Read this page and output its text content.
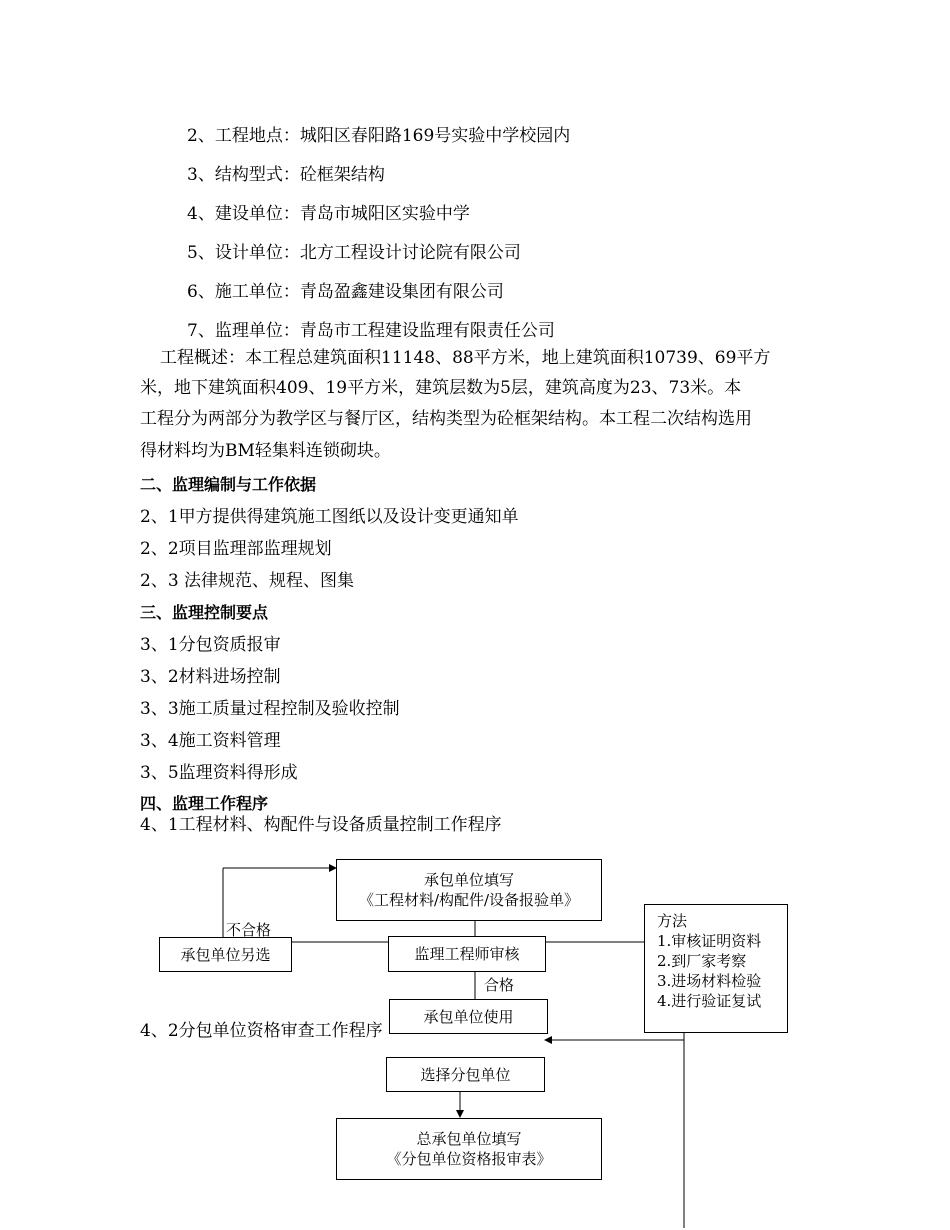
2、工程地点：城阳区春阳路169号实验中学校园内
3、结构型式：砼框架结构
4、建设单位：青岛市城阳区实验中学
5、设计单位：北方工程设计讨论院有限公司
6、施工单位：青岛盈鑫建设集团有限公司
7、监理单位：青岛市工程建设监理有限责任公司
工程概述：本工程总建筑面积11148、88平方米，地上建筑面积10739、69平方
米，地下建筑面积409、19平方米，建筑层数为5层，建筑高度为23、73米。本
工程分为两部分为教学区与餐厅区，结构类型为砼框架结构。本工程二次结构选用
得材料均为BM轻集料连锁砌块。
二、监理编制与工作依据
2、1甲方提供得建筑施工图纸以及设计变更通知单
2、2项目监理部监理规划
2、3 法律规范、规程、图集
三、监理控制要点
3、1分包资质报审
3、2材料进场控制
3、3施工质量过程控制及验收控制
3、4施工资料管理
3、5监理资料得形成
四、监理工作程序
4、1工程材料、构配件与设备质量控制工作程序
承包单位填写
《工程材料/构配件/设备报验单》
承包单位另选	监理工程师审核
不合格
合格
承包单位使用
方法
1.审核证明资料
2.到厂家考察
3.进场材料检验
4.进行验证复试
4、2分包单位资格审查工作程序
选择分包单位
总承包单位填写
《分包单位资格报审表》
